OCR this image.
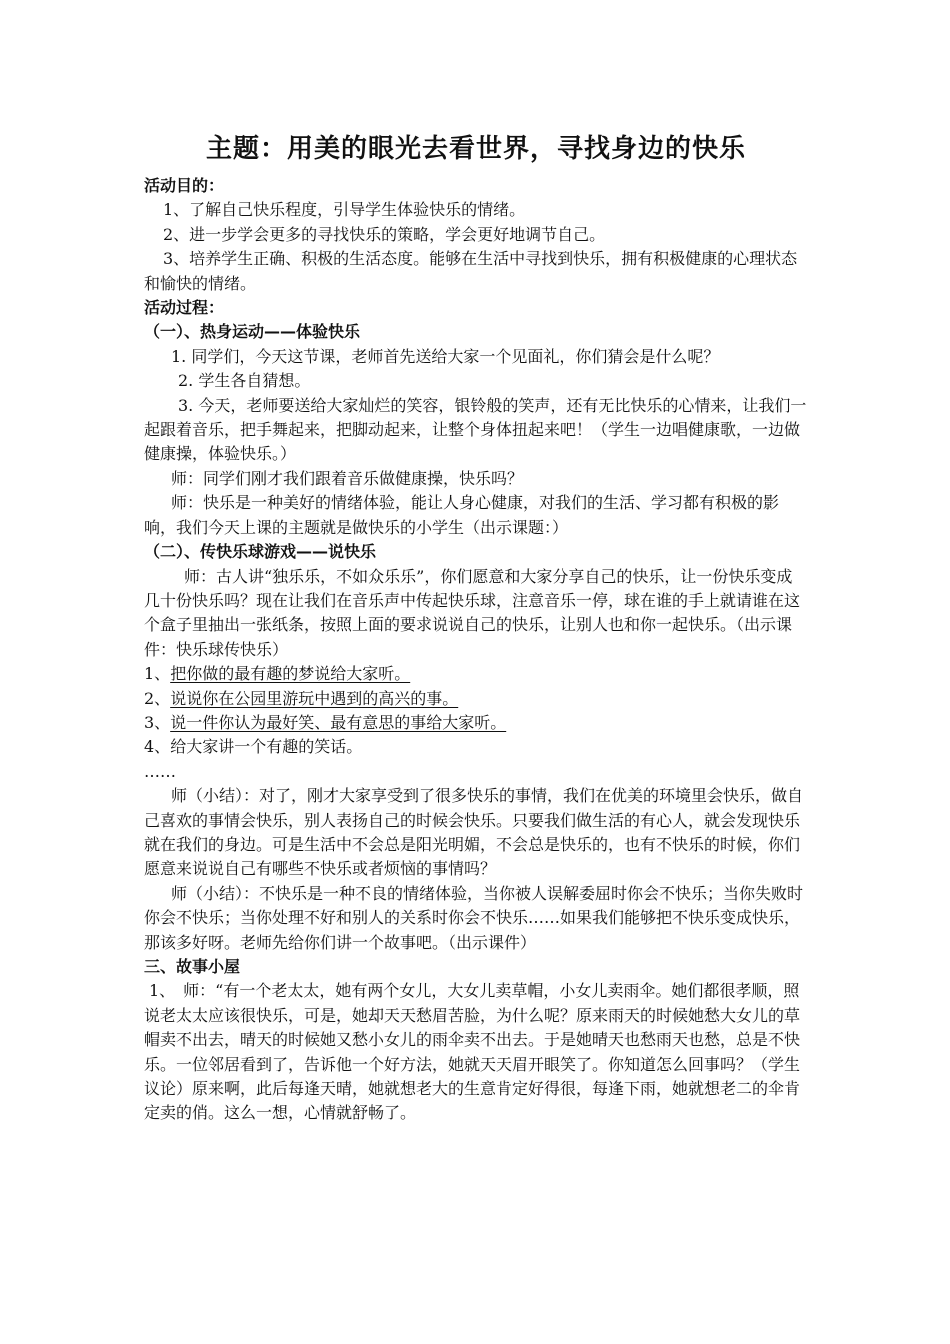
主题：用美的眼光去看世界，寻找身边的快乐

活动目的：

1、了解自己快乐程度，引导学生体验快乐的情绪。

2、进一步学会更多的寻找快乐的策略，学会更好地调节自己。

3、培养学生正确、积极的生活态度。能够在生活中寻找到快乐，拥有积极健康的心理状态和愉快的情绪。

活动过程：

（一）、热身运动——体验快乐

1. 同学们，今天这节课，老师首先送给大家一个见面礼，你们猜会是什么呢？

2. 学生各自猜想。

3. 今天，老师要送给大家灿烂的笑容，银铃般的笑声，还有无比快乐的心情来，让我们一起跟着音乐，把手舞起来，把脚动起来，让整个身体扭起来吧！（学生一边唱健康歌，一边做健康操，体验快乐。）

师：同学们刚才我们跟着音乐做健康操，快乐吗？

师：快乐是一种美好的情绪体验，能让人身心健康，对我们的生活、学习都有积极的影响，我们今天上课的主题就是做快乐的小学生（出示课题：）

（二）、传快乐球游戏——说快乐

师：古人讲“独乐乐，不如众乐乐”，你们愿意和大家分享自己的快乐，让一份快乐变成几十份快乐吗？现在让我们在音乐声中传起快乐球，注意音乐一停，球在谁的手上就请谁在这个盒子里抽出一张纸条，按照上面的要求说说自己的快乐，让别人也和你一起快乐。（出示课件：快乐球传快乐）

1、把你做的最有趣的梦说给大家听。

2、说说你在公园里游玩中遇到的高兴的事。

3、说一件你认为最好笑、最有意思的事给大家听。

4、给大家讲一个有趣的笑话。

……

师（小结）：对了，刚才大家享受到了很多快乐的事情，我们在优美的环境里会快乐，做自己喜欢的事情会快乐，别人表扬自己的时候会快乐。只要我们做生活的有心人，就会发现快乐就在我们的身边。可是生活中不会总是阳光明媚，不会总是快乐的，也有不快乐的时候，你们愿意来说说自己有哪些不快乐或者烦恼的事情吗？

师（小结）：不快乐是一种不良的情绪体验，当你被人误解委屈时你会不快乐；当你失败时你会不快乐；当你处理不好和别人的关系时你会不快乐……如果我们能够把不快乐变成快乐，那该多好呀。老师先给你们讲一个故事吧。（出示课件）

三、故事小屋

1、　师：“有一个老太太，她有两个女儿，大女儿卖草帽，小女儿卖雨伞。她们都很孝顺，照说老太太应该很快乐，可是，她却天天愁眉苦脸，为什么呢？原来雨天的时候她愁大女儿的草帽卖不出去，晴天的时候她又愁小女儿的雨伞卖不出去。于是她晴天也愁雨天也愁，总是不快乐。一位邻居看到了，告诉他一个好方法，她就天天眉开眼笑了。你知道怎么回事吗？（学生议论）原来啊，此后每逢天晴，她就想老大的生意肯定好得很，每逢下雨，她就想老二的伞肯定卖的俏。这么一想，心情就舒畅了。
